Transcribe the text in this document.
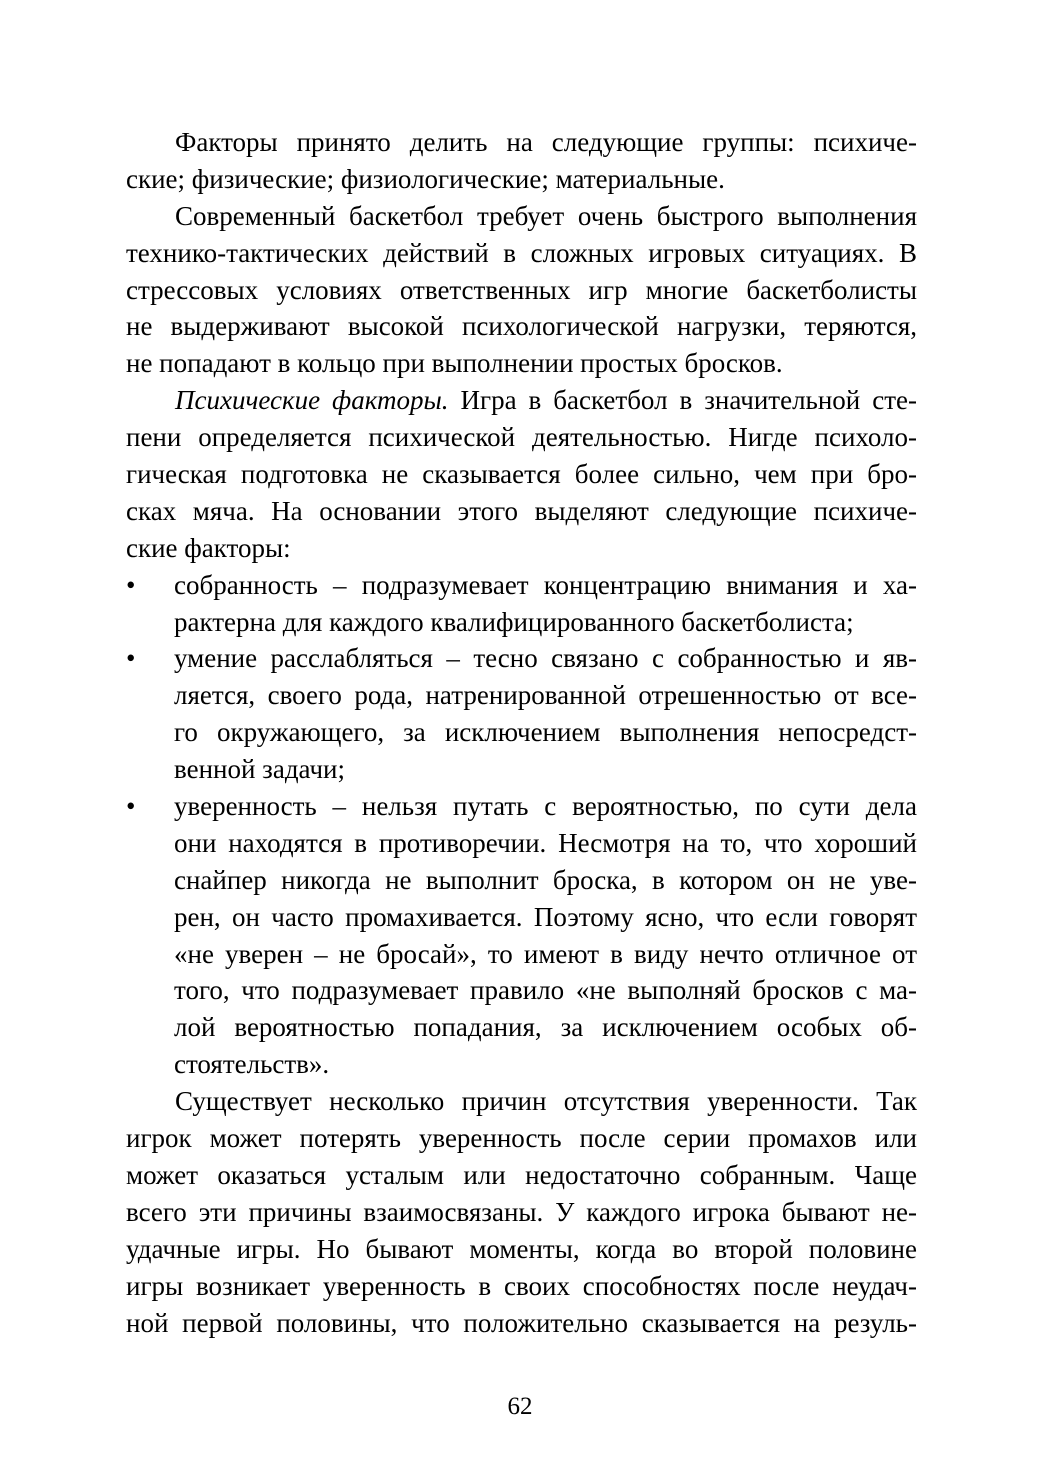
Факторы принято делить на следующие группы: психиче-
ские; физические; физиологические; материальные.
Современный баскетбол требует очень быстрого выполнения
технико-тактических действий в сложных игровых ситуациях. В
стрессовых условиях ответственных игр многие баскетболисты
не выдерживают высокой психологической нагрузки, теряются,
не попадают в кольцо при выполнении простых бросков.
Психические факторы. Игра в баскетбол в значительной сте-
пени определяется психической деятельностью. Нигде психоло-
гическая подготовка не сказывается более сильно, чем при бро-
сках мяча. На основании этого выделяют следующие психиче-
ские факторы:
•	собранность – подразумевает концентрацию внимания и ха-
рактерна для каждого квалифицированного баскетболиста;
•	умение расслабляться – тесно связано с собранностью и яв-
ляется, своего рода, натренированной отрешенностью от все-
го окружающего, за исключением выполнения непосредст-
венной задачи;
•	уверенность – нельзя путать с вероятностью, по сути дела
они находятся в противоречии. Несмотря на то, что хороший
снайпер никогда не выполнит броска, в котором он не уве-
рен, он часто промахивается. Поэтому ясно, что если говорят
«не уверен – не бросай», то имеют в виду нечто отличное от
того, что подразумевает правило «не выполняй бросков с ма-
лой вероятностью попадания, за исключением особых об-
стоятельств».
Существует несколько причин отсутствия уверенности. Так
игрок может потерять уверенность после серии промахов или
может оказаться усталым или недостаточно собранным. Чаще
всего эти причины взаимосвязаны. У каждого игрока бывают не-
удачные игры. Но бывают моменты, когда во второй половине
игры возникает уверенность в своих способностях после неудач-
ной первой половины, что положительно сказывается на резуль-
62
